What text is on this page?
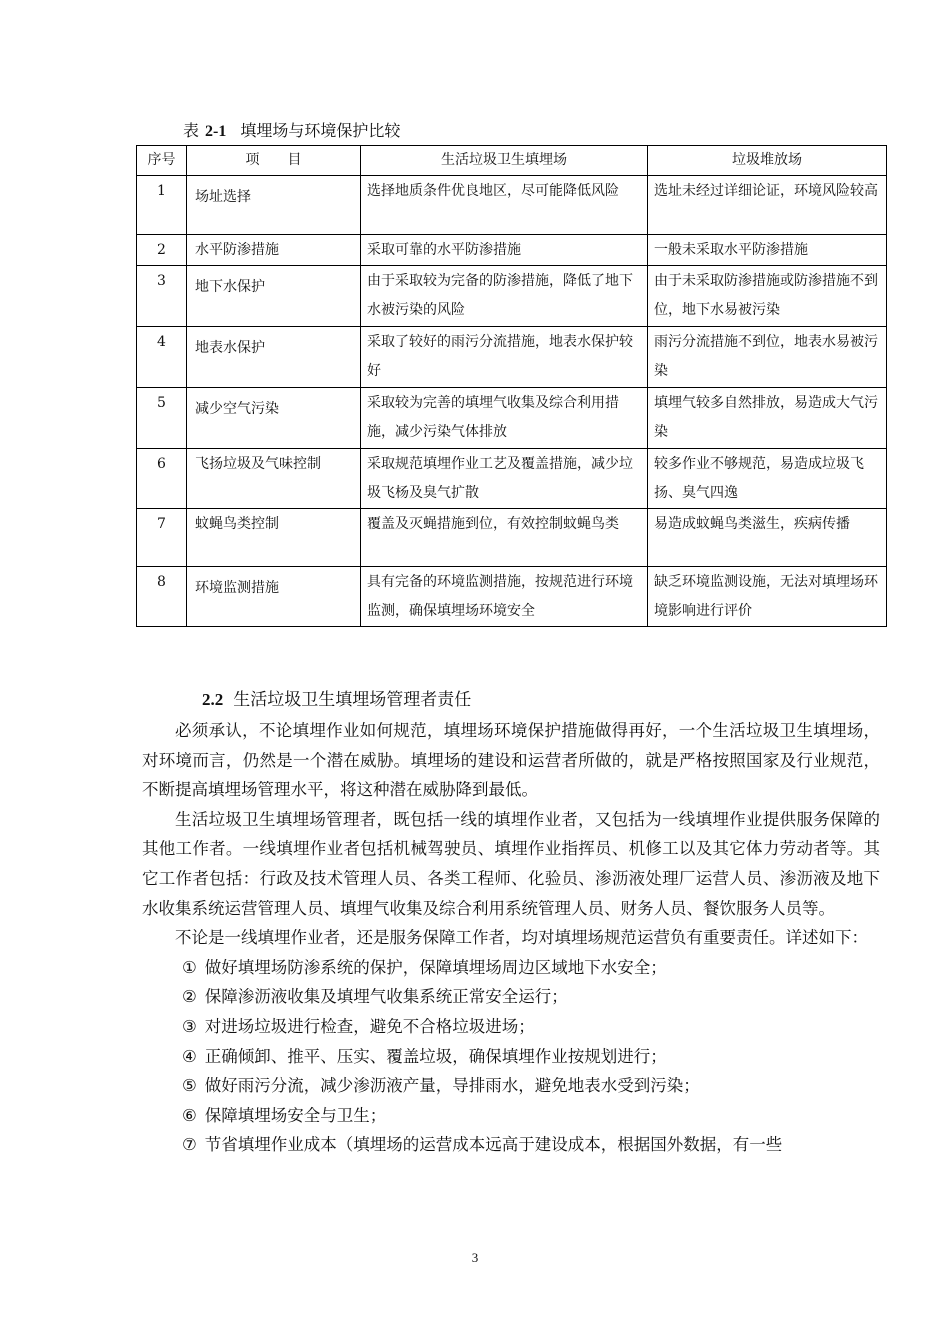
表 2-1 填埋场与环境保护比较
序号	项　　目	生活垃圾卫生填埋场	垃圾堆放场
1	场址选择	选择地质条件优良地区，尽可能降低风险	选址未经过详细论证，环境风险较高
2	水平防渗措施	采取可靠的水平防渗措施	一般未采取水平防渗措施
3	地下水保护	由于采取较为完备的防渗措施，降低了地下水被污染的风险	由于未采取防渗措施或防渗措施不到位，地下水易被污染
4	地表水保护	采取了较好的雨污分流措施，地表水保护较好	雨污分流措施不到位，地表水易被污染
5	减少空气污染	采取较为完善的填埋气收集及综合利用措施，减少污染气体排放	填埋气较多自然排放，易造成大气污染
6	飞扬垃圾及气味控制	采取规范填埋作业工艺及覆盖措施，减少垃圾飞杨及臭气扩散	较多作业不够规范，易造成垃圾飞扬、臭气四逸
7	蚊蝇鸟类控制	覆盖及灭蝇措施到位，有效控制蚊蝇鸟类	易造成蚊蝇鸟类滋生，疾病传播
8	环境监测措施	具有完备的环境监测措施，按规范进行环境监测，确保填埋场环境安全	缺乏环境监测设施，无法对填埋场环境影响进行评价
2.2 生活垃圾卫生填埋场管理者责任

必须承认，不论填埋作业如何规范，填埋场环境保护措施做得再好，一个生活垃圾卫生填埋场，对环境而言，仍然是一个潜在威胁。填埋场的建设和运营者所做的，就是严格按照国家及行业规范，不断提高填埋场管理水平，将这种潜在威胁降到最低。

生活垃圾卫生填埋场管理者，既包括一线的填埋作业者，又包括为一线填埋作业提供服务保障的其他工作者。一线填埋作业者包括机械驾驶员、填埋作业指挥员、机修工以及其它体力劳动者等。其它工作者包括：行政及技术管理人员、各类工程师、化验员、渗沥液处理厂运营人员、渗沥液及地下水收集系统运营管理人员、填埋气收集及综合利用系统管理人员、财务人员、餐饮服务人员等。

不论是一线填埋作业者，还是服务保障工作者，均对填埋场规范运营负有重要责任。详述如下：

① 做好填埋场防渗系统的保护，保障填埋场周边区域地下水安全；
② 保障渗沥液收集及填埋气收集系统正常安全运行；
③ 对进场垃圾进行检查，避免不合格垃圾进场；
④ 正确倾卸、推平、压实、覆盖垃圾，确保填埋作业按规划进行；
⑤ 做好雨污分流，减少渗沥液产量，导排雨水，避免地表水受到污染；
⑥ 保障填埋场安全与卫生；
⑦ 节省填埋作业成本（填埋场的运营成本远高于建设成本，根据国外数据，有一些
3
